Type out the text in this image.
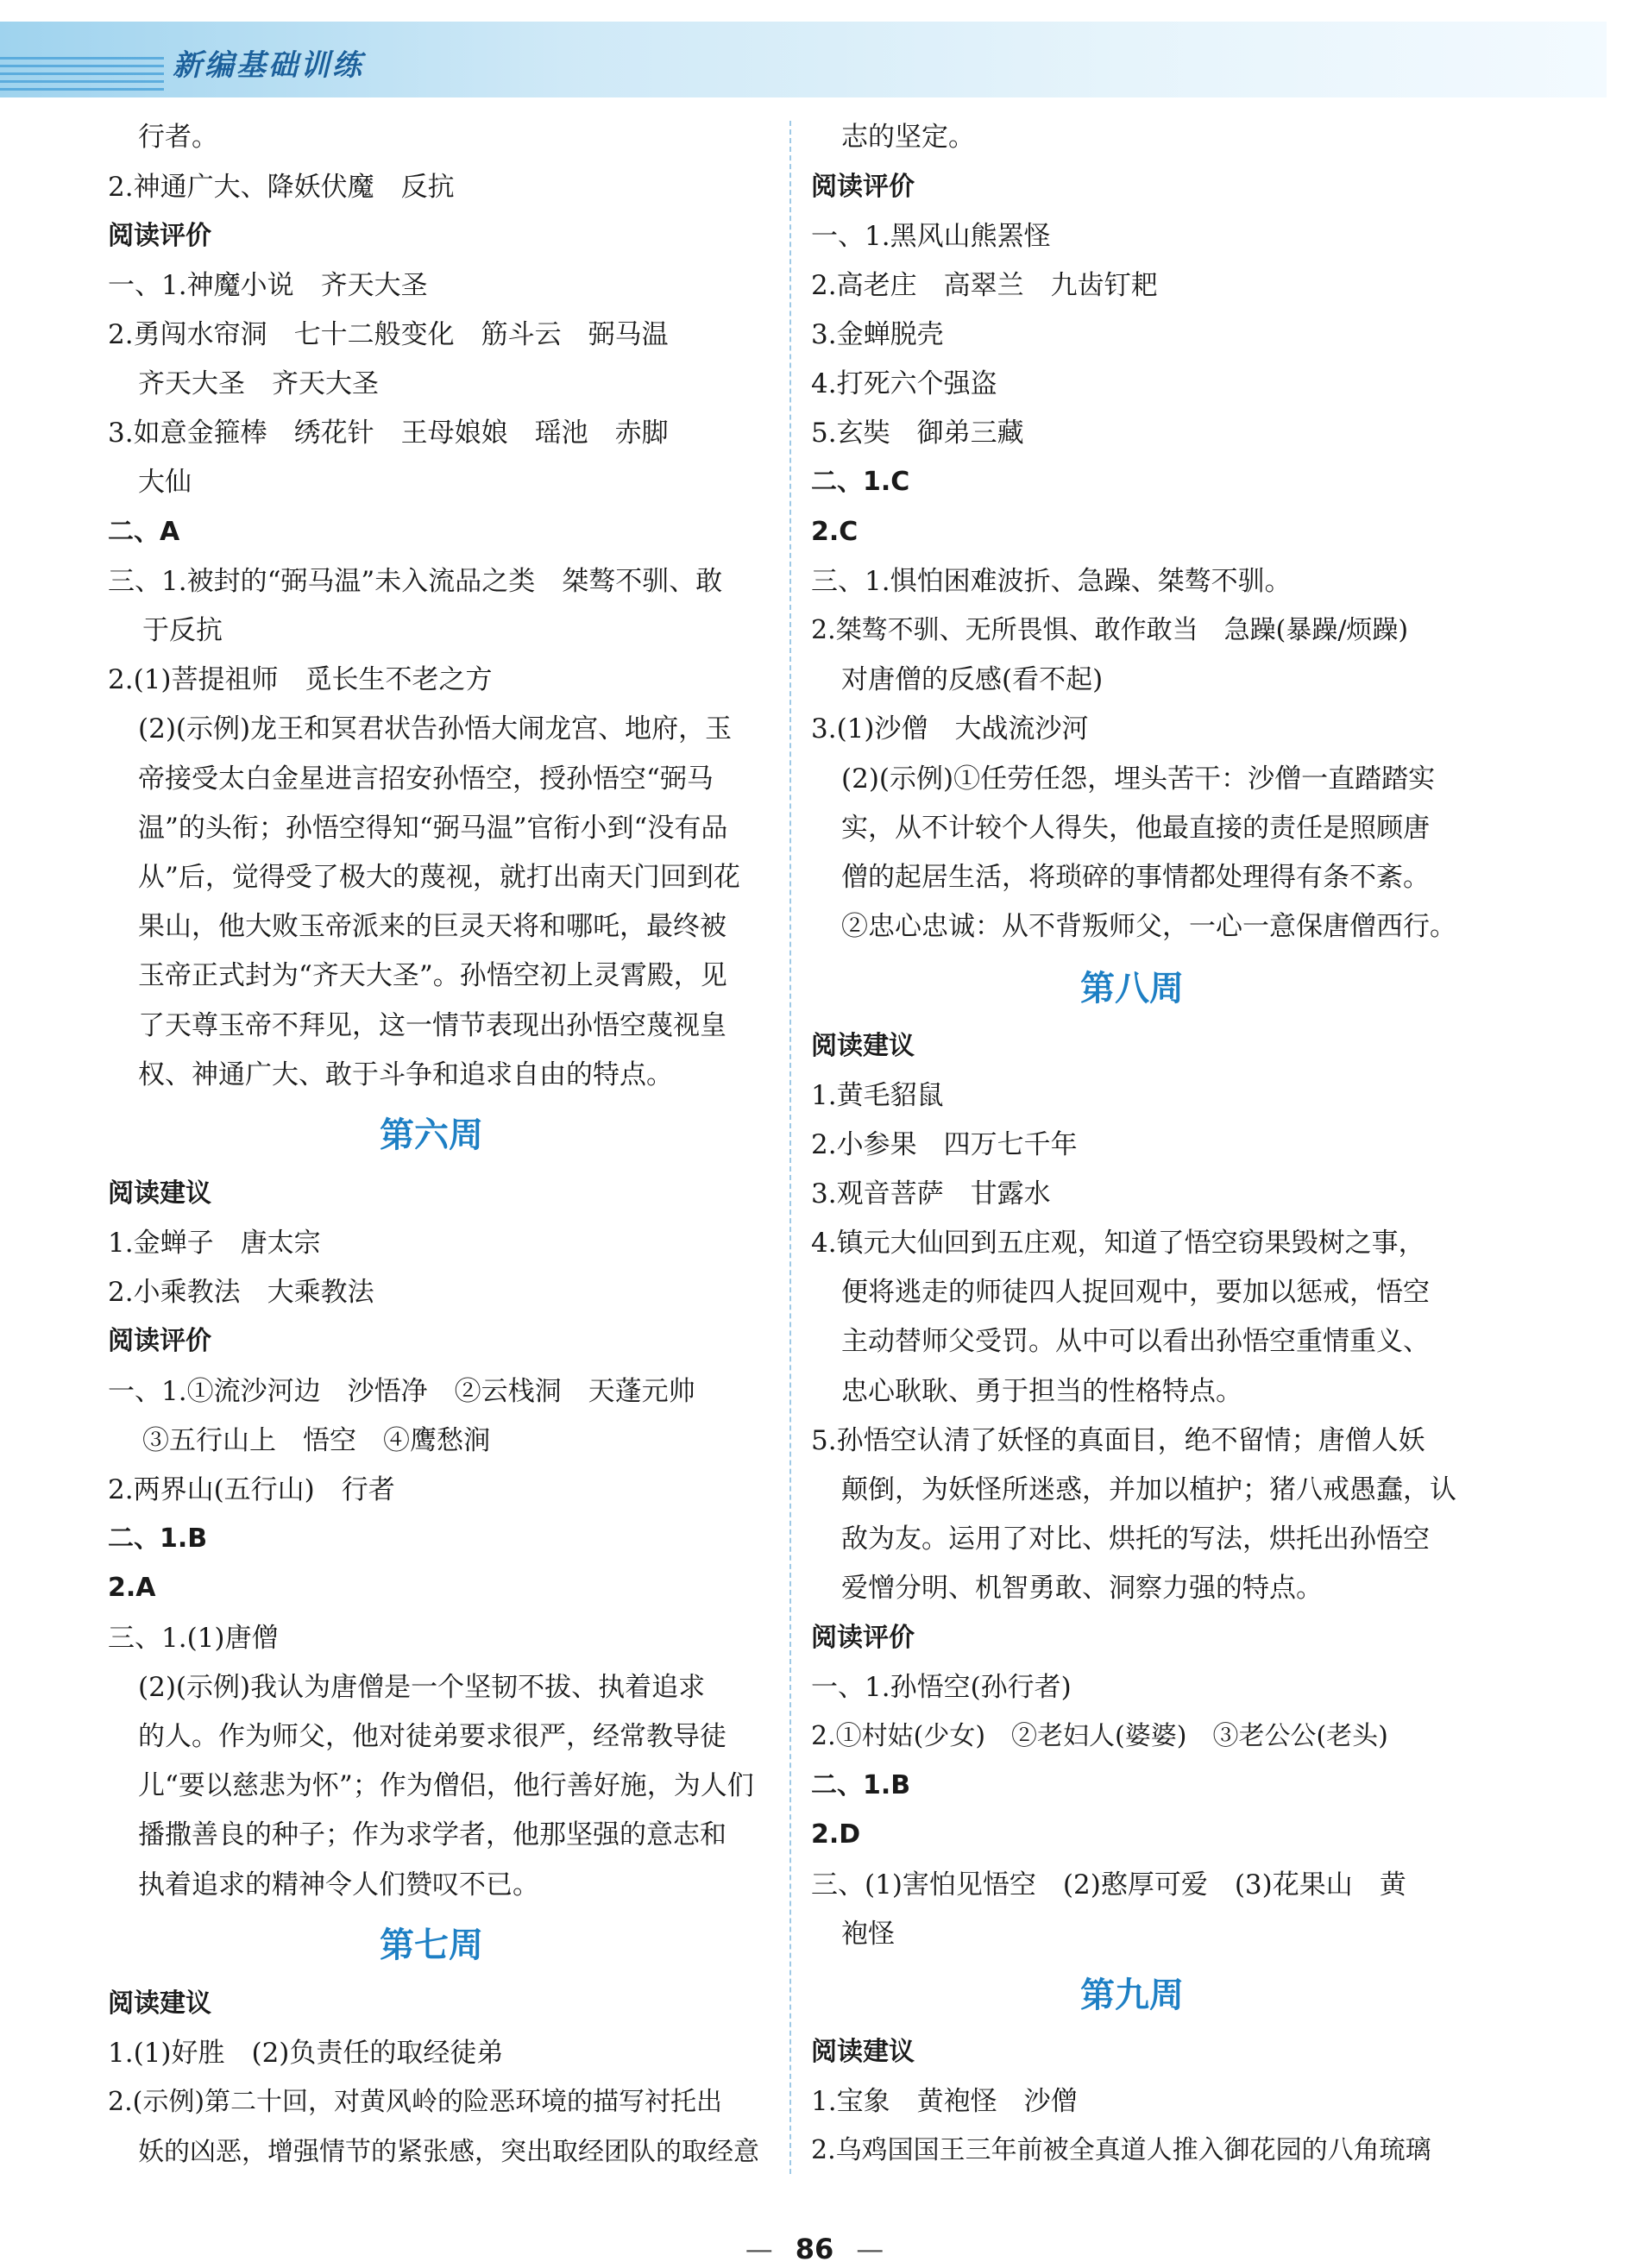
新编基础训练
行者。
2.神通广大、降妖伏魔　反抗
阅读评价
一、1.神魔小说　齐天大圣
2.勇闯水帘洞　七十二般变化　筋斗云　弼马温
齐天大圣　齐天大圣
3.如意金箍棒　绣花针　王母娘娘　瑶池　赤脚
大仙
二、A
三、1.被封的“弼马温”未入流品之类　桀骜不驯、敢
于反抗
2.(1)菩提祖师　觅长生不老之方
(2)(示例)龙王和冥君状告孙悟大闹龙宫、地府，玉
帝接受太白金星进言招安孙悟空，授孙悟空“弼马
温”的头衔；孙悟空得知“弼马温”官衔小到“没有品
从”后，觉得受了极大的蔑视，就打出南天门回到花
果山，他大败玉帝派来的巨灵天将和哪吒，最终被
玉帝正式封为“齐天大圣”。孙悟空初上灵霄殿，见
了天尊玉帝不拜见，这一情节表现出孙悟空蔑视皇
权、神通广大、敢于斗争和追求自由的特点。
第六周
阅读建议
1.金蝉子　唐太宗
2.小乘教法　大乘教法
阅读评价
一、1.①流沙河边　沙悟净　②云栈洞　天蓬元帅
③五行山上　悟空　④鹰愁涧
2.两界山(五行山)　行者
二、1.B
2.A
三、1.(1)唐僧
(2)(示例)我认为唐僧是一个坚韧不拔、执着追求
的人。作为师父，他对徒弟要求很严，经常教导徒
儿“要以慈悲为怀”；作为僧侣，他行善好施，为人们
播撒善良的种子；作为求学者，他那坚强的意志和
执着追求的精神令人们赞叹不已。
第七周
阅读建议
1.(1)好胜　(2)负责任的取经徒弟
2.(示例)第二十回，对黄风岭的险恶环境的描写衬托出
妖的凶恶，增强情节的紧张感，突出取经团队的取经意
志的坚定。
阅读评价
一、1.黑风山熊罴怪
2.高老庄　高翠兰　九齿钉耙
3.金蝉脱壳
4.打死六个强盗
5.玄奘　御弟三藏
二、1.C
2.C
三、1.惧怕困难波折、急躁、桀骜不驯。
2.桀骜不驯、无所畏惧、敢作敢当　急躁(暴躁/烦躁)
对唐僧的反感(看不起)
3.(1)沙僧　大战流沙河
(2)(示例)①任劳任怨，埋头苦干：沙僧一直踏踏实
实，从不计较个人得失，他最直接的责任是照顾唐
僧的起居生活，将琐碎的事情都处理得有条不紊。
②忠心忠诚：从不背叛师父，一心一意保唐僧西行。
第八周
阅读建议
1.黄毛貂鼠
2.小参果　四万七千年
3.观音菩萨　甘露水
4.镇元大仙回到五庄观，知道了悟空窃果毁树之事，
便将逃走的师徒四人捉回观中，要加以惩戒，悟空
主动替师父受罚。从中可以看出孙悟空重情重义、
忠心耿耿、勇于担当的性格特点。
5.孙悟空认清了妖怪的真面目，绝不留情；唐僧人妖
颠倒，为妖怪所迷惑，并加以植护；猪八戒愚蠢，认
敌为友。运用了对比、烘托的写法，烘托出孙悟空
爱憎分明、机智勇敢、洞察力强的特点。
阅读评价
一、1.孙悟空(孙行者)
2.①村姑(少女)　②老妇人(婆婆)　③老公公(老头)
二、1.B
2.D
三、(1)害怕见悟空　(2)憨厚可爱　(3)花果山　黄
袍怪
第九周
阅读建议
1.宝象　黄袍怪　沙僧
2.乌鸡国国王三年前被全真道人推入御花园的八角琉璃
— 86 —
